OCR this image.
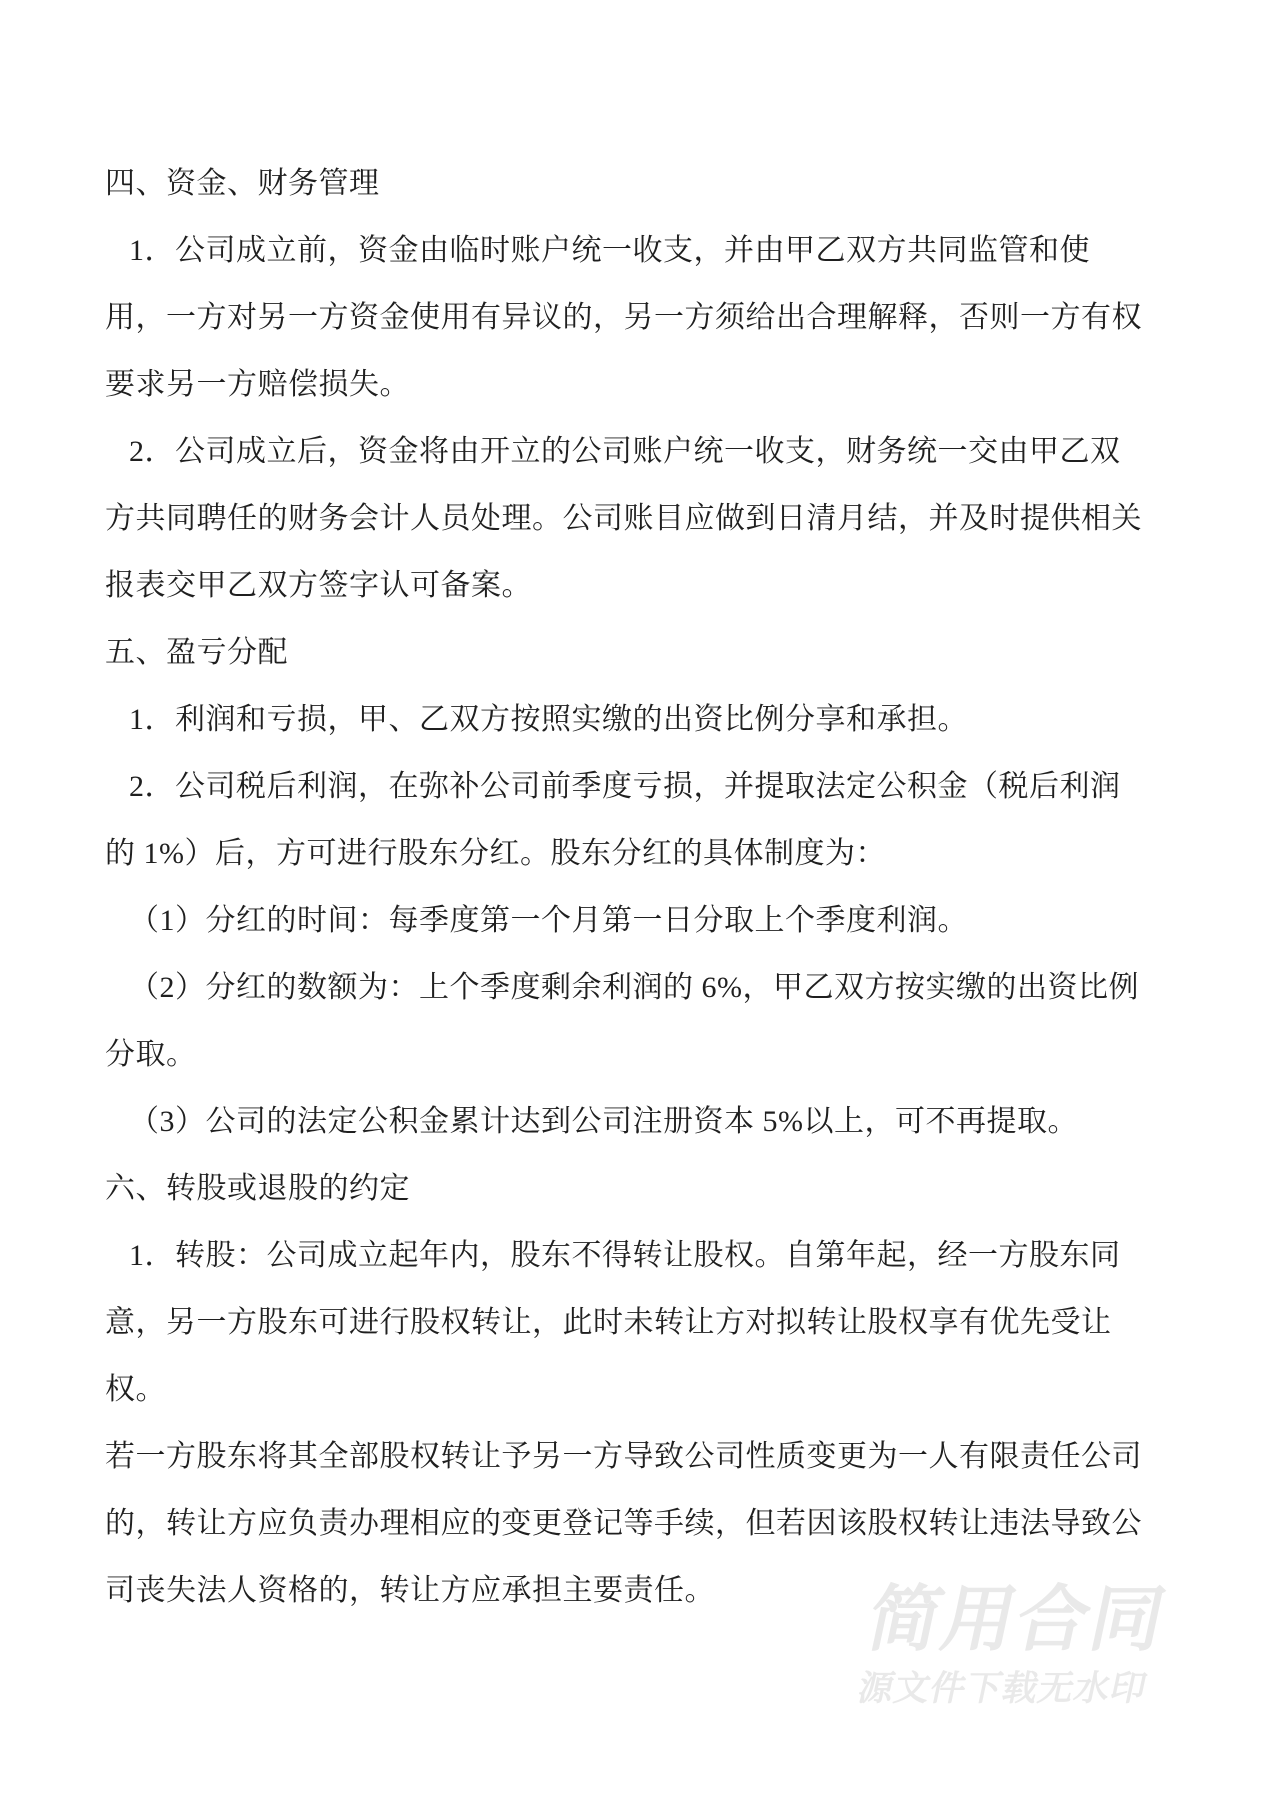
四、资金、财务管理
1．公司成立前，资金由临时账户统一收支，并由甲乙双方共同监管和使
用，一方对另一方资金使用有异议的，另一方须给出合理解释，否则一方有权
要求另一方赔偿损失。
2．公司成立后，资金将由开立的公司账户统一收支，财务统一交由甲乙双
方共同聘任的财务会计人员处理。公司账目应做到日清月结，并及时提供相关
报表交甲乙双方签字认可备案。
五、盈亏分配
1．利润和亏损，甲、乙双方按照实缴的出资比例分享和承担。
2．公司税后利润，在弥补公司前季度亏损，并提取法定公积金（税后利润
的 1%）后，方可进行股东分红。股东分红的具体制度为：
（1）分红的时间：每季度第一个月第一日分取上个季度利润。
（2）分红的数额为：上个季度剩余利润的 6%，甲乙双方按实缴的出资比例
分取。
（3）公司的法定公积金累计达到公司注册资本 5%以上，可不再提取。
六、转股或退股的约定
1．转股：公司成立起年内，股东不得转让股权。自第年起，经一方股东同
意，另一方股东可进行股权转让，此时未转让方对拟转让股权享有优先受让
权。
若一方股东将其全部股权转让予另一方导致公司性质变更为一人有限责任公司
的，转让方应负责办理相应的变更登记等手续，但若因该股权转让违法导致公
司丧失法人资格的，转让方应承担主要责任。	简用合同
源文件下载无水印
